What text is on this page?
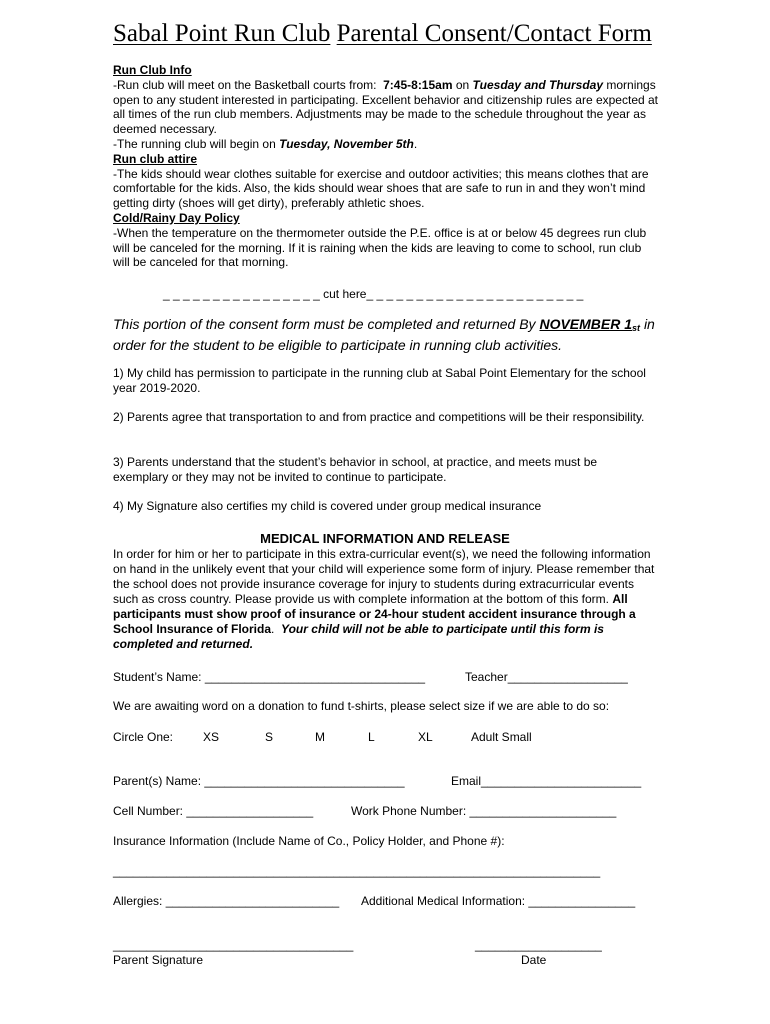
Sabal Point Run Club Parental Consent/Contact Form
Run Club Info

-Run club will meet on the Basketball courts from: 7:45-8:15am on Tuesday and Thursday mornings open to any student interested in participating. Excellent behavior and citizenship rules are expected at all times of the run club members. Adjustments may be made to the schedule throughout the year as deemed necessary.

-The running club will begin on Tuesday, November 5th.

Run club attire

-The kids should wear clothes suitable for exercise and outdoor activities; this means clothes that are comfortable for the kids. Also, the kids should wear shoes that are safe to run in and they won’t mind getting dirty (shoes will get dirty), preferably athletic shoes.

Cold/Rainy Day Policy

-When the temperature on the thermometer outside the P.E. office is at or below 45 degrees run club will be canceled for the morning. If it is raining when the kids are leaving to come to school, run club will be canceled for that morning.

_ _ _ _ _ _ _ _ _ _ _ _ _ _ _ _ cut here_ _ _ _ _ _ _ _ _ _ _ _ _ _ _ _ _ _ _ _ _ _
This portion of the consent form must be completed and returned By NOVEMBER $1_{st}$ in order for the student to be eligible to participate in running club activities.
1) My child has permission to participate in the running club at Sabal Point Elementary for the school year 2019-2020.
2) Parents agree that transportation to and from practice and competitions will be their responsibility.
3) Parents understand that the student’s behavior in school, at practice, and meets must be exemplary or they may not be invited to continue to participate.
4) My Signature also certifies my child is covered under group medical insurance
MEDICAL INFORMATION AND RELEASE
In order for him or her to participate in this extra-curricular event(s), we need the following information on hand in the unlikely event that your child will experience some form of injury. Please remember that the school does not provide insurance coverage for injury to students during extracurricular events such as cross country. Please provide us with complete information at the bottom of this form. All participants must show proof of insurance or 24-hour student accident insurance through a School Insurance of Florida. Your child will not be able to participate until this form is completed and returned.
Student’s Name: _________________________________	Teacher__________________
We are awaiting word on a donation to fund t-shirts, please select size if we are able to do so:
Circle One: XS	S	M	L	XL	Adult Small
Parent(s) Name: ______________________________	Email________________________
Cell Number: ___________________	Work Phone Number: ______________________
Insurance Information (Include Name of Co., Policy Holder, and Phone #):
_________________________________________________________________________
Allergies: __________________________ Additional Medical Information: ________________
____________________________________	___________________
Parent Signature	Date
